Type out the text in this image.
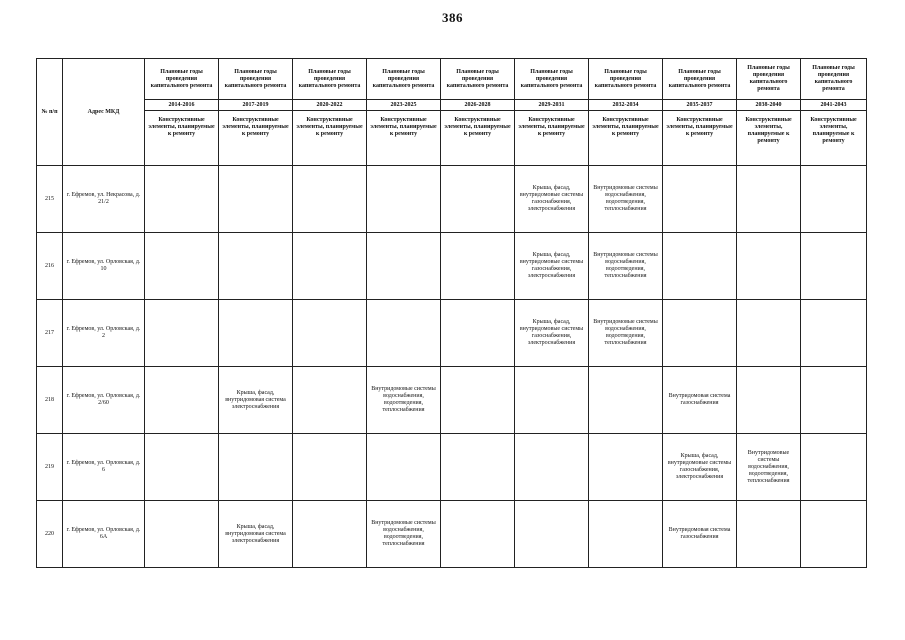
386
№ п/п	Адрес МКД	Плановые годы проведения капитального ремонта	Плановые годы проведения капитального ремонта	Плановые годы проведения капитального ремонта	Плановые годы проведения капитального ремонта	Плановые годы проведения капитального ремонта	Плановые годы проведения капитального ремонта	Плановые годы проведения капитального ремонта	Плановые годы проведения капитального ремонта	Плановые годы проведения капитального ремонта	Плановые годы проведения капитального ремонта
		2014-2016	2017-2019	2020-2022	2023-2025	2026-2028	2029-2031	2032-2034	2035-2037	2038-2040	2041-2043
		Конструктивные элементы, планируемые к ремонту	Конструктивные элементы, планируемые к ремонту	Конструктивные элементы, планируемые к ремонту	Конструктивные элементы, планируемые к ремонту	Конструктивные элементы, планируемые к ремонту	Конструктивные элементы, планируемые к ремонту	Конструктивные элементы, планируемые к ремонту	Конструктивные элементы, планируемые к ремонту	Конструктивные элементы, планируемые к ремонту	Конструктивные элементы, планируемые к ремонту
215	г. Ефремов, ул. Некрасова, д. 21/2						Крыша, фасад, внутридомовые системы газоснабжения, электроснабжения	Внутридомовые системы водоснабжения, водоотведения, теплоснабжения			
216	г. Ефремов, ул. Орловская, д. 10						Крыша, фасад, внутридомовые системы газоснабжения, электроснабжения	Внутридомовые системы водоснабжения, водоотведения, теплоснабжения			
217	г. Ефремов, ул. Орловская, д. 2						Крыша, фасад, внутридомовые системы газоснабжения, электроснабжения	Внутридомовые системы водоснабжения, водоотведения, теплоснабжения			
218	г. Ефремов, ул. Орловская, д. 2/60		Крыша, фасад, внутридомовая система электроснабжения		Внутридомовые системы водоснабжения, водоотведения, теплоснабжения				Внутридомовая система газоснабжения		
219	г. Ефремов, ул. Орловская, д. 6								Крыша, фасад, внутридомовые системы газоснабжения, электроснабжения	Внутридомовые системы водоснабжения, водоотведения, теплоснабжения	
220	г. Ефремов, ул. Орловская, д. 6А		Крыша, фасад, внутридомовая система электроснабжения		Внутридомовые системы водоснабжения, водоотведения, теплоснабжения				Внутридомовая система газоснабжения		
